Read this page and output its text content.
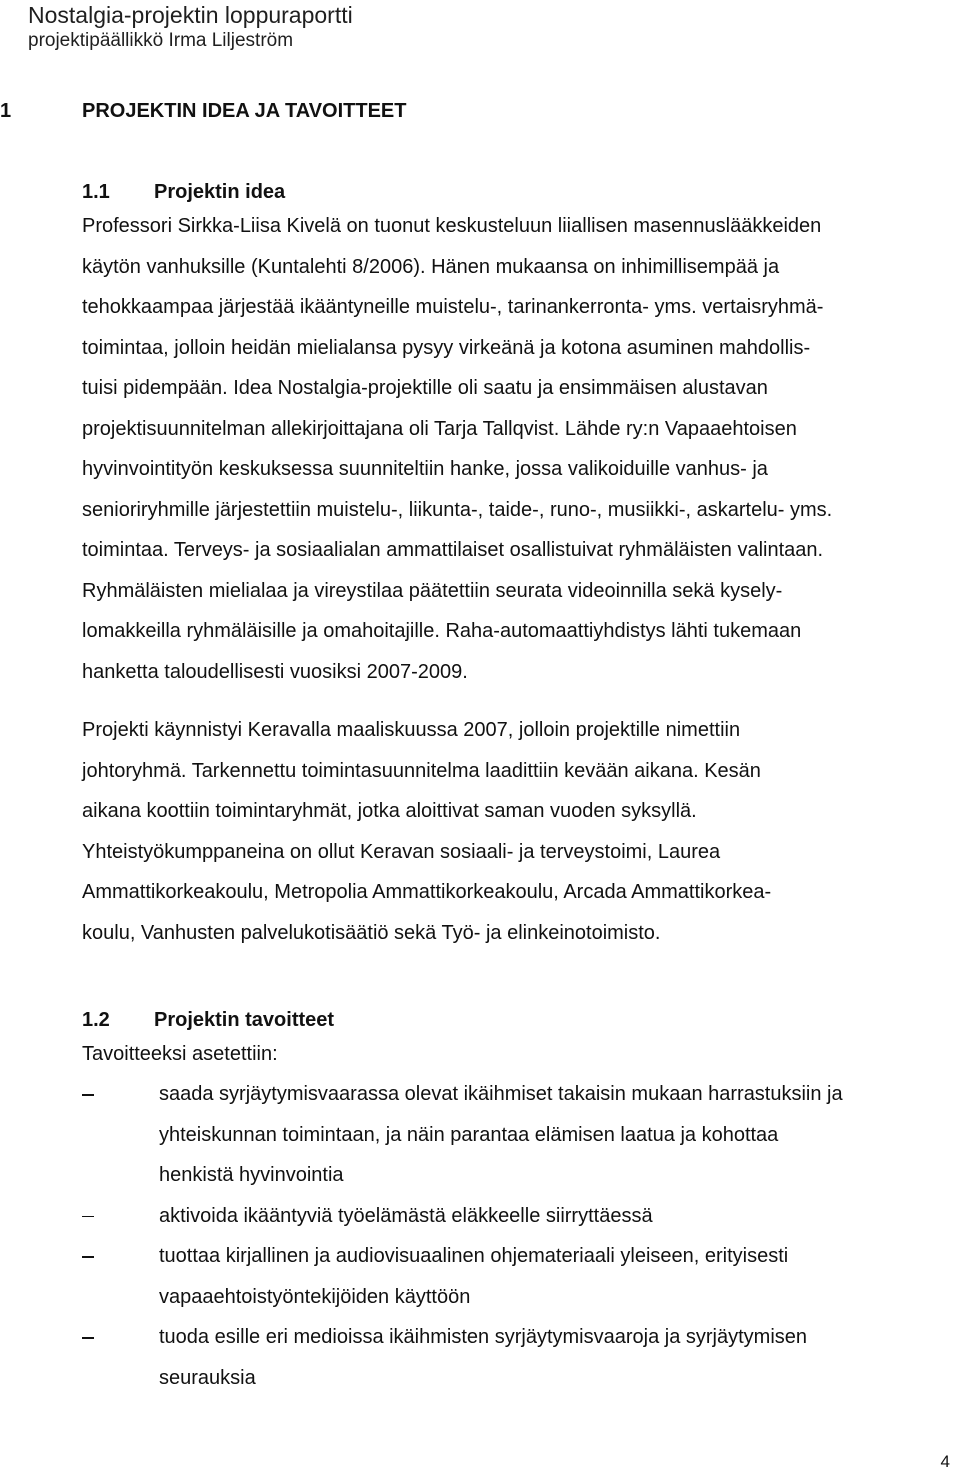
Nostalgia-projektin loppuraportti
projektipäällikkö Irma Liljeström
1	PROJEKTIN IDEA JA TAVOITTEET
1.1 Projektin idea
Professori Sirkka-Liisa Kivelä on tuonut keskusteluun liiallisen masennuslääkkeiden
käytön vanhuksille (Kuntalehti 8/2006). Hänen mukaansa on inhimillisempää ja
tehokkaampaa järjestää ikääntyneille muistelu-, tarinankerronta- yms. vertaisryhmä-
toimintaa, jolloin heidän mielialansa pysyy virkeänä ja kotona asuminen mahdollis-
tuisi pidempään. Idea Nostalgia-projektille oli saatu ja ensimmäisen alustavan
projektisuunnitelman allekirjoittajana oli Tarja Tallqvist. Lähde ry:n Vapaaehtoisen
hyvinvointityön keskuksessa suunniteltiin hanke, jossa valikoiduille vanhus- ja
senioriryhmille järjestettiin muistelu-, liikunta-, taide-, runo-, musiikki-, askartelu- yms.
toimintaa. Terveys- ja sosiaalialan ammattilaiset osallistuivat ryhmäläisten valintaan.
Ryhmäläisten mielialaa ja vireystilaa päätettiin seurata videoinnilla sekä kysely-
lomakkeilla ryhmäläisille ja omahoitajille. Raha-automaattiyhdistys lähti tukemaan
hanketta taloudellisesti vuosiksi 2007-2009.
Projekti käynnistyi Keravalla maaliskuussa 2007, jolloin projektille nimettiin
johtoryhmä. Tarkennettu toimintasuunnitelma laadittiin kevään aikana. Kesän
aikana koottiin toimintaryhmät, jotka aloittivat saman vuoden syksyllä.
Yhteistyökumppaneina on ollut Keravan sosiaali- ja terveystoimi, Laurea
Ammattikorkeakoulu, Metropolia Ammattikorkeakoulu, Arcada Ammattikorkea-
koulu, Vanhusten palvelukotisäätiö sekä Työ- ja elinkeinotoimisto.
1.2 Projektin tavoitteet
Tavoitteeksi asetettiin:
saada syrjäytymisvaarassa olevat ikäihmiset takaisin mukaan harrastuksiin ja
yhteiskunnan toimintaan, ja näin parantaa elämisen laatua ja kohottaa
henkistä hyvinvointia
aktivoida ikääntyviä työelämästä eläkkeelle siirryttäessä
tuottaa kirjallinen ja audiovisuaalinen ohjemateriaali yleiseen, erityisesti
vapaaehtoistyöntekijöiden käyttöön
tuoda esille eri medioissa ikäihmisten syrjäytymisvaaroja ja syrjäytymisen
seurauksia
4
